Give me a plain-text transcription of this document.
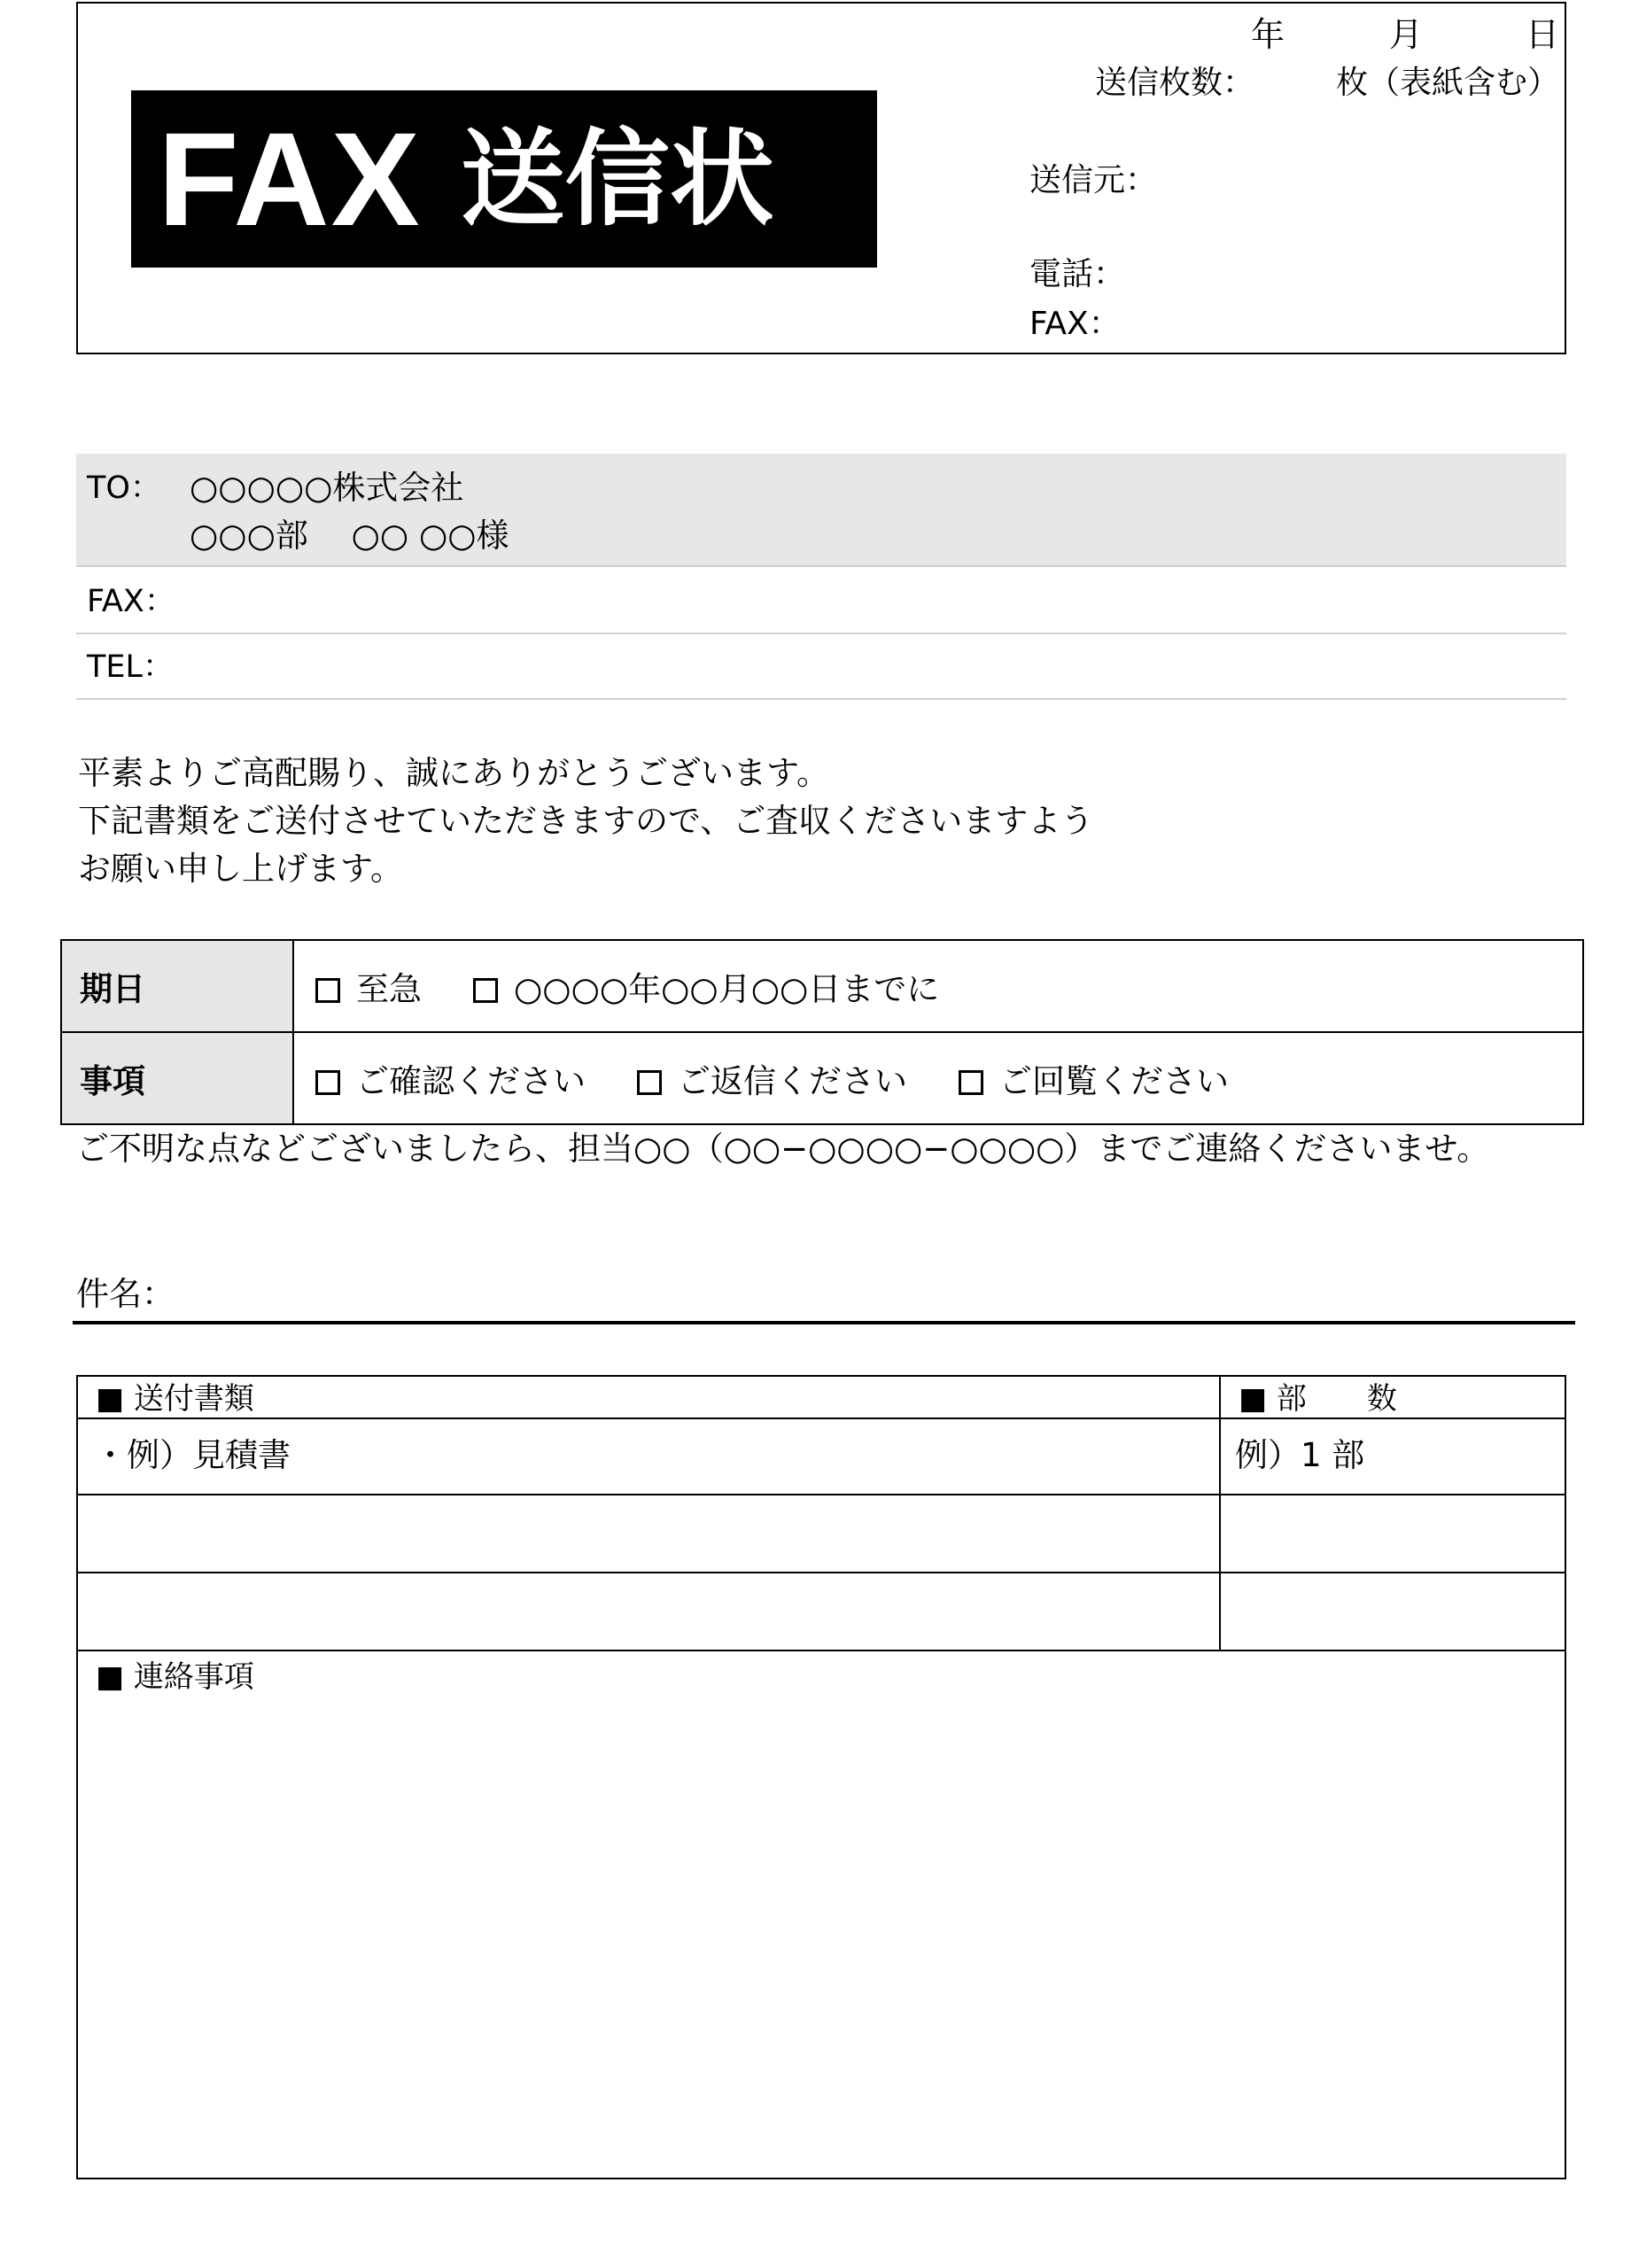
FAX 送信状
年	月	日
送信枚数：	枚（表紙含む）
送信元：
電話：
FAX：
TO： ○○○○○株式会社
○○○部　 ○○ ○○様
FAX：
TEL：
平素よりご高配賜り、誠にありがとうございます。
下記書類をご送付させていただきますので、ご査収くださいますよう
お願い申し上げます。
期日	至急 ○○○○年○○月○○日までに
事項	ご確認ください ご返信ください ご回覧ください
ご不明な点などございましたら、担当○○（○○−○○○○−○○○○）までご連絡くださいませ。
件名：
■ 送付書類	■ 部　　数
・例）見積書	例）1 部
■ 連絡事項
